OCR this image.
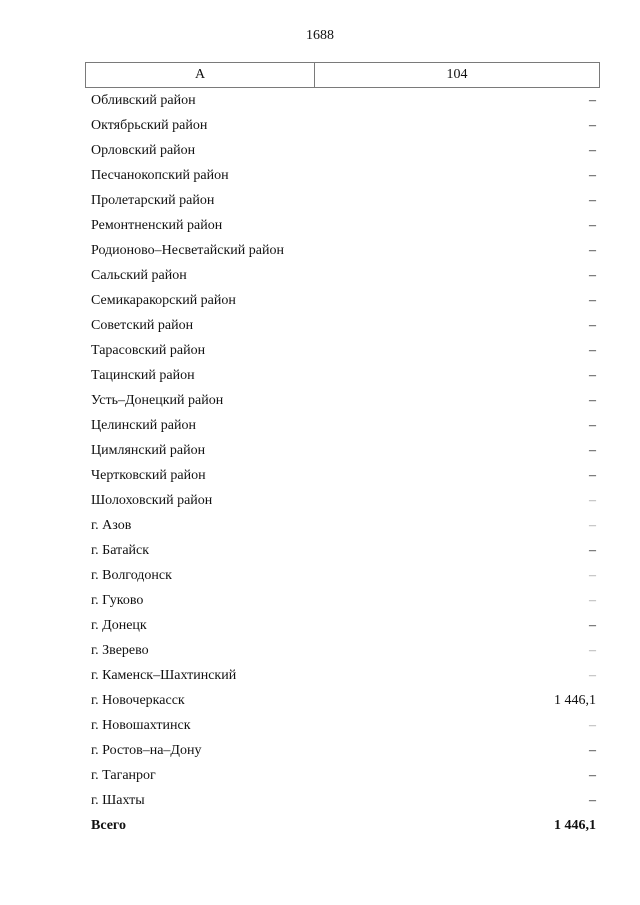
1688
А	104
Обливский район	–
Октябрьский район	–
Орловский район	–
Песчанокопский район	–
Пролетарский район	–
Ремонтненский район	–
Родионово–Несветайский район	–
Сальский район	–
Семикаракорский район	–
Советский район	–
Тарасовский район	–
Тацинский район	–
Усть–Донецкий район	–
Целинский район	–
Цимлянский район	–
Чертковский район	–
Шолоховский район	–
г. Азов	–
г. Батайск	–
г. Волгодонск	–
г. Гуково	–
г. Донецк	–
г. Зверево	–
г. Каменск–Шахтинский	–
г. Новочеркасск	1 446,1
г. Новошахтинск	–
г. Ростов–на–Дону	–
г. Таганрог	–
г. Шахты	–
Всего	1 446,1
